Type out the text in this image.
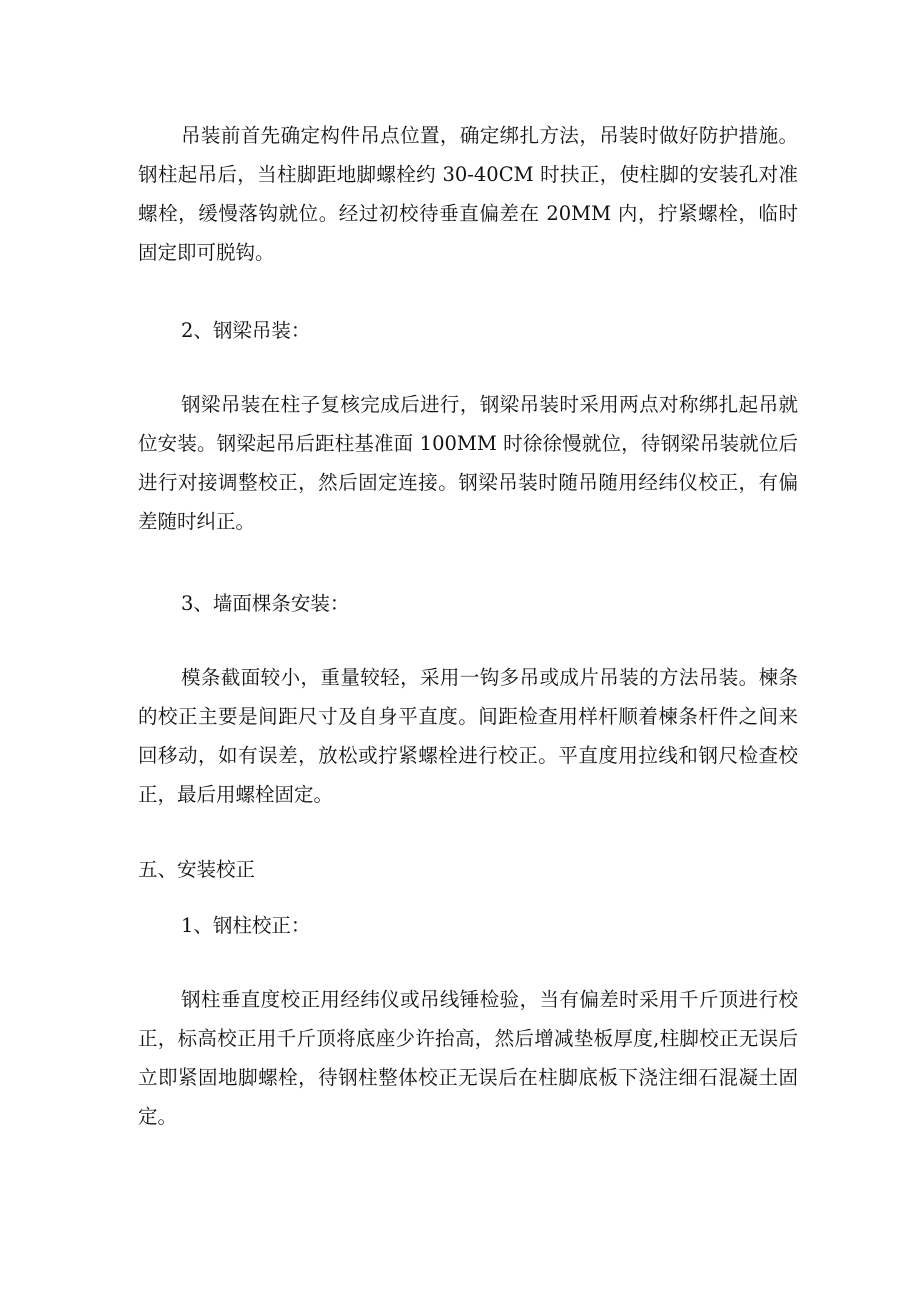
吊装前首先确定构件吊点位置，确定绑扎方法，吊装时做好防护措施。钢柱起吊后，当柱脚距地脚螺栓约 30-40CM 时扶正，使柱脚的安装孔对准螺栓，缓慢落钩就位。经过初校待垂直偏差在 20MM 内，拧紧螺栓，临时固定即可脱钩。

2、钢梁吊装：

钢梁吊装在柱子复核完成后进行，钢梁吊装时采用两点对称绑扎起吊就位安装。钢梁起吊后距柱基准面 100MM 时徐徐慢就位，待钢梁吊装就位后进行对接调整校正，然后固定连接。钢梁吊装时随吊随用经纬仪校正，有偏差随时纠正。

3、墙面棵条安装：

模条截面较小，重量较轻，采用一钩多吊或成片吊装的方法吊装。楝条的校正主要是间距尺寸及自身平直度。间距检查用样杆顺着楝条杆件之间来回移动，如有误差，放松或拧紧螺栓进行校正。平直度用拉线和钢尺检查校正，最后用螺栓固定。

五、安装校正

1、钢柱校正：

钢柱垂直度校正用经纬仪或吊线锤检验，当有偏差时采用千斤顶进行校正，标高校正用千斤顶将底座少许抬高，然后增减垫板厚度,柱脚校正无误后立即紧固地脚螺栓，待钢柱整体校正无误后在柱脚底板下浇注细石混凝土固定。
